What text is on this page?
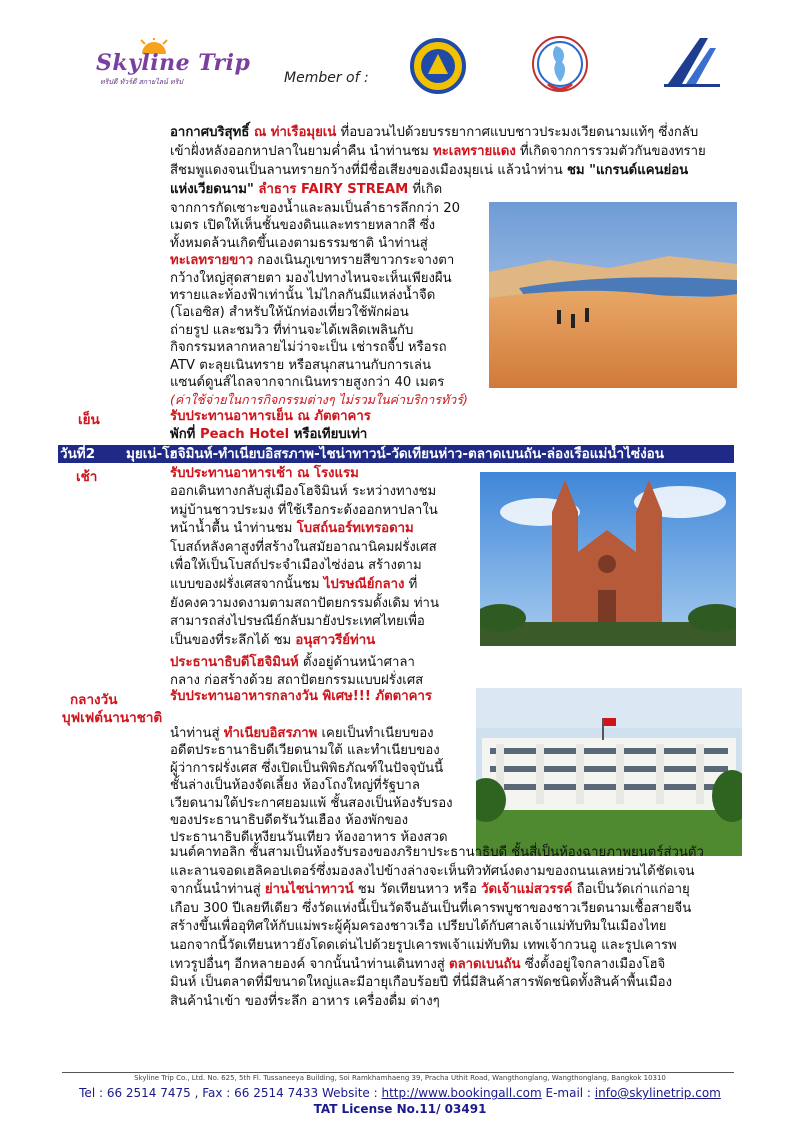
Skyline Trip
ทริปดี ทัวร์ดี สกายไลน์ ทริป	Member of :
อากาศบริสุทธิ์ ณ ท่าเรือมุยเน่ ที่อบอวนไปด้วยบรรยากาศแบบชาวประมงเวียดนามแท้ๆ ซึ่งกลับ
เข้าฝั่งหลังออกหาปลาในยามค่ำคืน นำท่านชม ทะเลทรายแดง ที่เกิดจากการรวมตัวกันของทราย
สีชมพูแดงจนเป็นลานทรายกว้างที่มีชื่อเสียงของเมืองมุยเน่ แล้วนำท่าน ชม "แกรนด์แคนย่อน
แห่งเวียดนาม" ลำธาร FAIRY STREAM ที่เกิด
จากการกัดเซาะของน้ำและลมเป็นลำธารลึกกว่า 20
เมตร เปิดให้เห็นชั้นของดินและทรายหลากสี ซึ่ง
ทั้งหมดล้วนเกิดขึ้นเองตามธรรมชาติ นำท่านสู่
ทะเลทรายขาว กองเนินภูเขาทรายสีขาวกระจางตา
กว้างใหญ่สุดสายตา มองไปทางไหนจะเห็นเพียงผืน
ทรายและท้องฟ้าเท่านั้น ไม่ไกลกันมีแหล่งน้ำจืด
(โอเอซิส) สำหรับให้นักท่องเที่ยวใช้พักผ่อน
ถ่ายรูป และชมวิว ที่ท่านจะได้เพลิดเพลินกับ
กิจกรรมหลากหลายไม่ว่าจะเป็น เช่ารถจี๊ป หรือรถ
ATV ตะลุยเนินทราย หรือสนุกสนานกับการเล่น
แซนด์ดูนส์ไถลจากจากเนินทรายสูงกว่า 40 เมตร
(ค่าใช้จ่ายในการกิจกรรมต่างๆ ไม่รวมในค่าบริการทัวร์)
เย็น	รับประทานอาหารเย็น ณ ภัตตาคาร
พักที่ Peach Hotel หรือเทียบเท่า
วันที่2 มุยเน่-โฮจิมินห์-ทำเนียบอิสรภาพ-ไชน่าทาวน์-วัดเทียนห่าว-ตลาดเบนถัน-ล่องเรือแม่น้ำไซ่ง่อน
เช้า	รับประทานอาหารเช้า ณ โรงแรม
ออกเดินทางกลับสู่เมืองโฮจิมินห์ ระหว่างทางชม
หมู่บ้านชาวประมง ที่ใช้เรือกระด้งออกหาปลาใน
หน้าน้ำตื้น นำท่านชม โบสถ์นอร์ทเทรอดาม
โบสถ์หลังคาสูงที่สร้างในสมัยอาณานิคมฝรั่งเศส
เพื่อให้เป็นโบสถ์ประจำเมืองไซ่ง่อน สร้างตาม
แบบของฝรั่งเศสจากนั้นชม ไปรษณีย์กลาง ที่
ยังคงความงดงามตามสถาปัตยกรรมดั้งเดิม ท่าน
สามารถส่งไปรษณีย์กลับมายังประเทศไทยเพื่อ
เป็นของที่ระลึกได้ ชม อนุสาวรีย์ท่าน
ประธานาธิบดีโฮจิมินห์ ตั้งอยู่ด้านหน้าศาลา
กลาง ก่อสร้างด้วย สถาปัตยกรรมแบบฝรั่งเศส
กลางวัน	รับประทานอาหารกลางวัน พิเศษ!!! ภัตตาคาร
บุฟเฟต์นานาชาติ
นำท่านสู่ ทำเนียบอิสรภาพ เคยเป็นทำเนียบของ
อดีตประธานาธิบดีเวียดนามใต้ และทำเนียบของ
ผู้ว่าการฝรั่งเศส ซึ่งเปิดเป็นพิพิธภัณฑ์ในปัจจุบันนี้
ชั้นล่างเป็นห้องจัดเลี้ยง ห้องโถงใหญ่ที่รัฐบาล
เวียดนามใต้ประกาศยอมแพ้ ชั้นสองเป็นห้องรับรอง
ของประธานาธิบดีตรันวันเฮือง ห้องพักของ
ประธานาธิบดีเหงียนวันเทียว ห้องอาหาร ห้องสวด
มนต์คาทอลิก ชั้นสามเป็นห้องรับรองของภริยาประธานาธิบดี ชั้นสี่เป็นห้องฉายภาพยนตร์ส่วนตัว
และลานจอดเฮลิคอปเตอร์ซึ่งมองลงไปข้างล่างจะเห็นทิวทัศน์งดงามของถนนเลหย่วนได้ชัดเจน
จากนั้นนำท่านสู่ ย่านไชน่าทาวน์ ชม วัดเทียนหาว หรือ วัดเจ้าแม่สวรรค์ ถือเป็นวัดเก่าแก่อายุ
เกือบ 300 ปีเลยทีเดียว ซึ่งวัดแห่งนี้เป็นวัดจีนอันเป็นที่เคารพบูชาของชาวเวียดนามเชื้อสายจีน
สร้างขึ้นเพื่ออุทิศให้กับแม่พระผู้คุ้มครองชาวเรือ เปรียบได้กับศาลเจ้าแม่ทับทิมในเมืองไทย
นอกจากนี้วัดเทียนหาวยังโดดเด่นไปด้วยรูปเคารพเจ้าแม่ทับทิม เทพเจ้ากวนอู และรูปเคารพ
เทวรูปอื่นๆ อีกหลายองค์ จากนั้นนำท่านเดินทางสู่ ตลาดเบนถัน ซึ่งตั้งอยู่ใจกลางเมืองโฮจิ
มินห์ เป็นตลาดที่มีขนาดใหญ่และมีอายุเกือบร้อยปี ที่นี่มีสินค้าสารพัดชนิดทั้งสินค้าพื้นเมือง
สินค้านำเข้า ของที่ระลึก อาหาร เครื่องดื่ม ต่างๆ
Skyline Trip Co., Ltd. No. 625, 5th Fl. Tussaneeya Building, Soi Ramkhamhaeng 39, Pracha Uthit Road, Wangthonglang, Wangthonglang, Bangkok 10310
Tel : 66 2514 7475 , Fax : 66 2514 7433 Website : http://www.bookingall.com E-mail : info@skylinetrip.com
TAT License No.11/ 03491
